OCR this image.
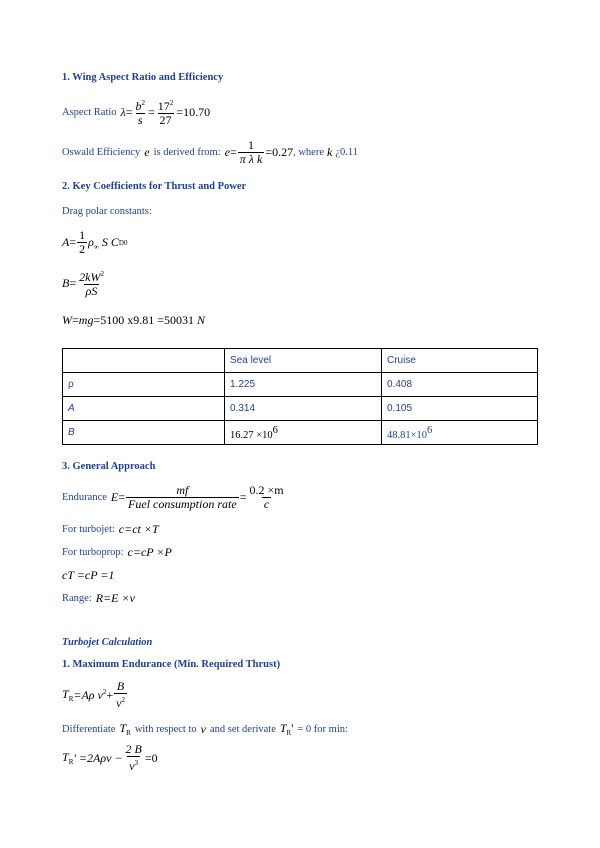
1. Wing Aspect Ratio and Efficiency
Aspect Ratio $\lambda = \frac{b^2}{s} = \frac{17^2}{27} =10.70$
Oswald Efficiency e is derived from: $e = \frac{1}{\text{π λ k}} =0.27$ , where k ¿0.11
2. Key Coefficients for Thrust and Power
Drag polar constants:
$A = \frac{1}{2} \rho_\infty$ S C D0
$B = \frac{2kW^2}{\rho S}$
W = mg =5100 x9.81 =50031 N
	Sea level	Cruise
ρ	1.225	0.408
A	0.314	0.105
B	16.27 ×106	48.81×106
3. General Approach
Endurance $E = \frac{mf}{\text{Fuel consumption rate}} = \frac{0.2 \times m}{c}$
For turbojet: c=ct ×T
For turboprop: c=cP ×P
cT =cP =1
Range: R=E ×v
Turbojet Calculation
1. Maximum Endurance (Min. Required Thrust)
$T_R =A\rho$ $v^2 + \frac{B}{v^2}$
Differentiate $T_R$ with respect to v and set derivate $T_R' = 0$ for min:
$T_R$ ' $=2A\rho v - \frac{2 B}{v^3} =0$
